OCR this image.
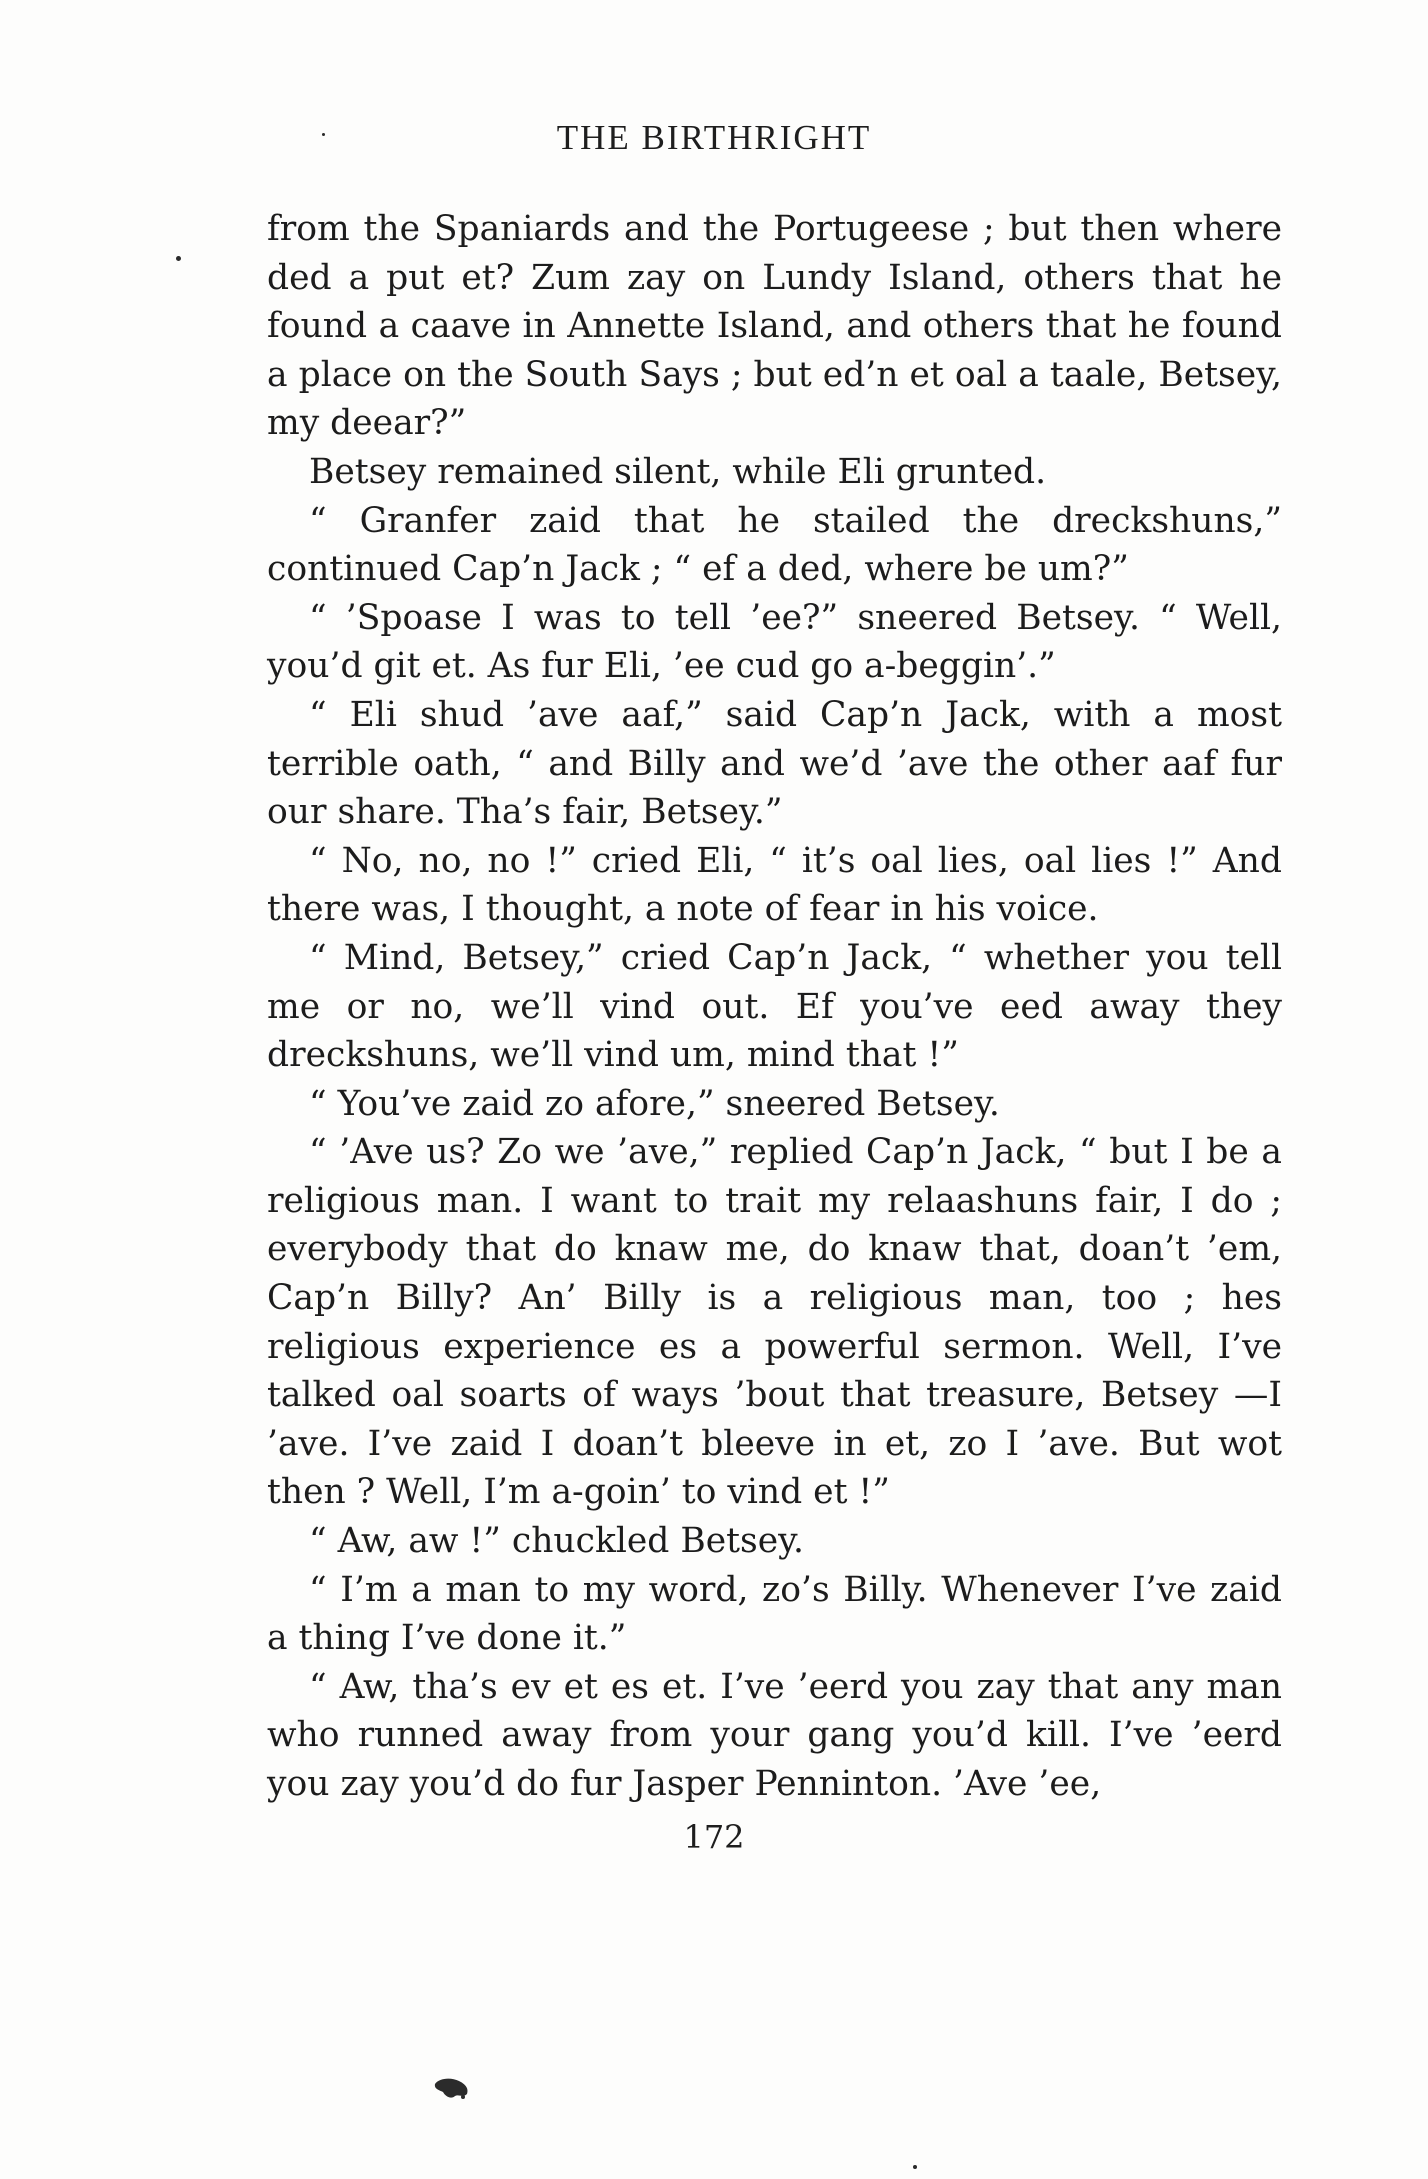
THE BIRTHRIGHT

from the Spaniards and the Portugeese ; but then where ded a put et? Zum zay on Lundy Island, others that he found a caave in Annette Island, and others that he found a place on the South Says ; but ed’n et oal a taale, Betsey, my deear?”

Betsey remained silent, while Eli grunted.

“ Granfer zaid that he stailed the dreckshuns,” continued Cap’n Jack ; “ ef a ded, where be um?”

“ ’Spoase I was to tell ’ee?” sneered Betsey. “ Well, you’d git et. As fur Eli, ’ee cud go a-beggin’.”

“ Eli shud ’ave aaf,” said Cap’n Jack, with a most terrible oath, “ and Billy and we’d ’ave the other aaf fur our share. Tha’s fair, Betsey.”

“ No, no, no !” cried Eli, “ it’s oal lies, oal lies !” And there was, I thought, a note of fear in his voice.

“ Mind, Betsey,” cried Cap’n Jack, “ whether you tell me or no, we’ll vind out. Ef you’ve eed away they dreckshuns, we’ll vind um, mind that !”

“ You’ve zaid zo afore,” sneered Betsey.

“ ’Ave us? Zo we ’ave,” replied Cap’n Jack, “ but I be a religious man. I want to trait my relaashuns fair, I do ; everybody that do knaw me, do knaw that, doan’t ’em, Cap’n Billy? An’ Billy is a religious man, too ; hes religious experience es a powerful sermon. Well, I’ve talked oal soarts of ways ’bout that treasure, Betsey —I ’ave. I’ve zaid I doan’t bleeve in et, zo I ’ave. But wot then ? Well, I’m a-goin’ to vind et !”

“ Aw, aw !” chuckled Betsey.

“ I’m a man to my word, zo’s Billy. Whenever I’ve zaid a thing I’ve done it.”

“ Aw, tha’s ev et es et. I’ve ’eerd you zay that any man who runned away from your gang you’d kill. I’ve ’eerd you zay you’d do fur Jasper Penninton. ’Ave ’ee,

172
